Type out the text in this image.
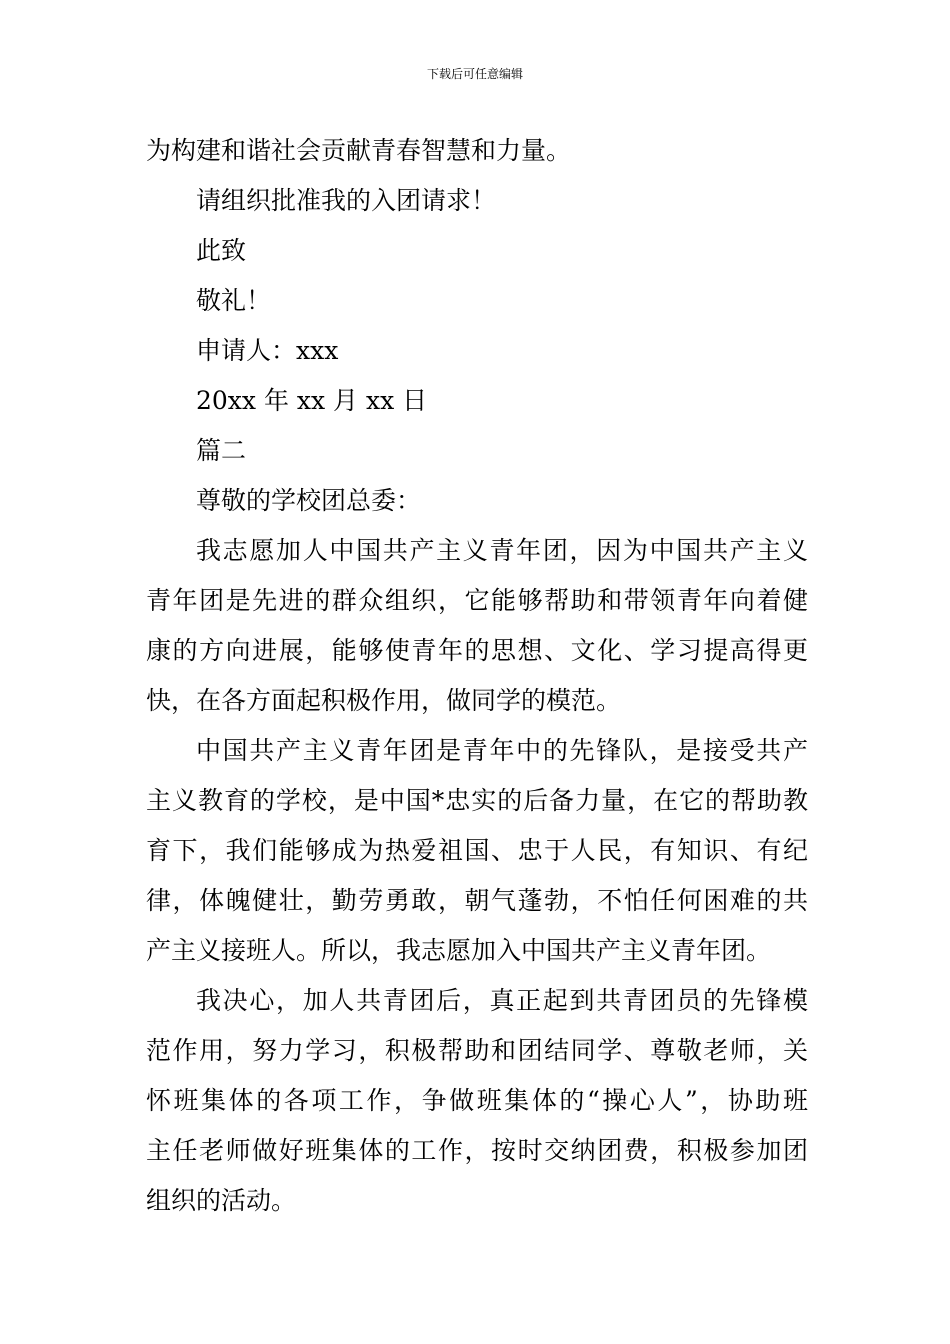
下载后可任意编辑
为构建和谐社会贡献青春智慧和力量。
请组织批准我的入团请求！
此致
敬礼！
申请人：xxx
20xx 年 xx 月 xx 日
篇二
尊敬的学校团总委：
我志愿加人中国共产主义青年团，因为中国共产主义
青年团是先进的群众组织，它能够帮助和带领青年向着健
康的方向进展，能够使青年的思想、文化、学习提高得更
快，在各方面起积极作用，做同学的模范。
中国共产主义青年团是青年中的先锋队，是接受共产
主义教育的学校，是中国*忠实的后备力量，在它的帮助教
育下，我们能够成为热爱祖国、忠于人民，有知识、有纪
律，体魄健壮，勤劳勇敢，朝气蓬勃，不怕任何困难的共
产主义接班人。所以，我志愿加入中国共产主义青年团。
我决心，加人共青团后，真正起到共青团员的先锋模
范作用，努力学习，积极帮助和团结同学、尊敬老师，关
怀班集体的各项工作，争做班集体的“操心人”，协助班
主任老师做好班集体的工作，按时交纳团费，积极参加团
组织的活动。
